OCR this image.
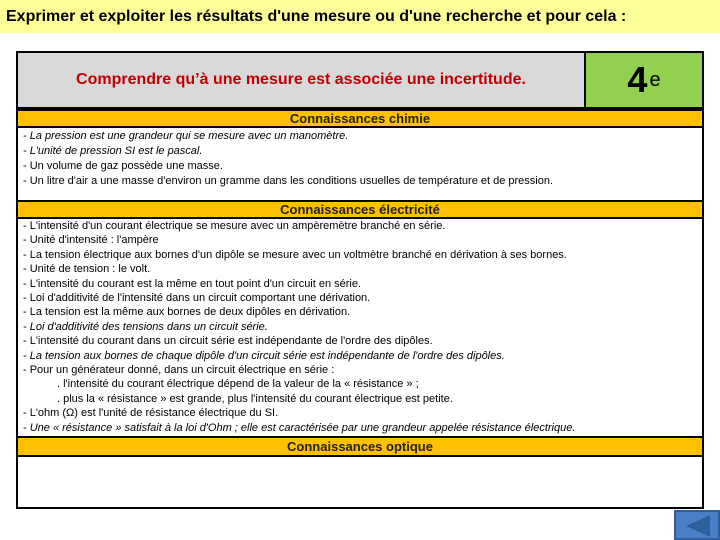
Exprimer et exploiter les résultats d'une mesure ou d'une recherche et pour cela :
Comprendre qu’à une mesure est associée une incertitude.	4 e
Connaissances chimie
- La pression est une grandeur qui se mesure avec un manomètre.
- L'unité de pression SI est le pascal.
- Un volume de gaz possède une masse.
- Un litre d'air a une masse d'environ un gramme dans les conditions usuelles de température et de pression.
Connaissances électricité
- L'intensité d'un courant électrique se mesure avec un ampèremètre branché en série.
- Unité d'intensité : l'ampère
- La tension électrique aux bornes d'un dipôle se mesure avec un voltmètre branché en dérivation à ses bornes.
- Unité de tension : le volt.
- L'intensité du courant est la même en tout point d'un circuit en série.
- Loi d'additivité de l'intensité dans un circuit comportant une dérivation.
- La tension est la même aux bornes de deux dipôles en dérivation.
- Loi d'additivité des tensions dans un circuit série.
- L'intensité du courant dans un circuit série est indépendante de l'ordre des dipôles.
- La tension aux bornes de chaque dipôle d'un circuit série est indépendante de l'ordre des dipôles.
- Pour un générateur donné, dans un circuit électrique en série :
. l'intensité du courant électrique dépend de la valeur de la « résistance » ;
. plus la « résistance » est grande, plus l'intensité du courant électrique est petite.
- L'ohm (Ω) est l'unité de résistance électrique du SI.
- Une « résistance » satisfait à la loi d'Ohm ; elle est caractérisée par une grandeur appelée résistance électrique.
Connaissances optique
